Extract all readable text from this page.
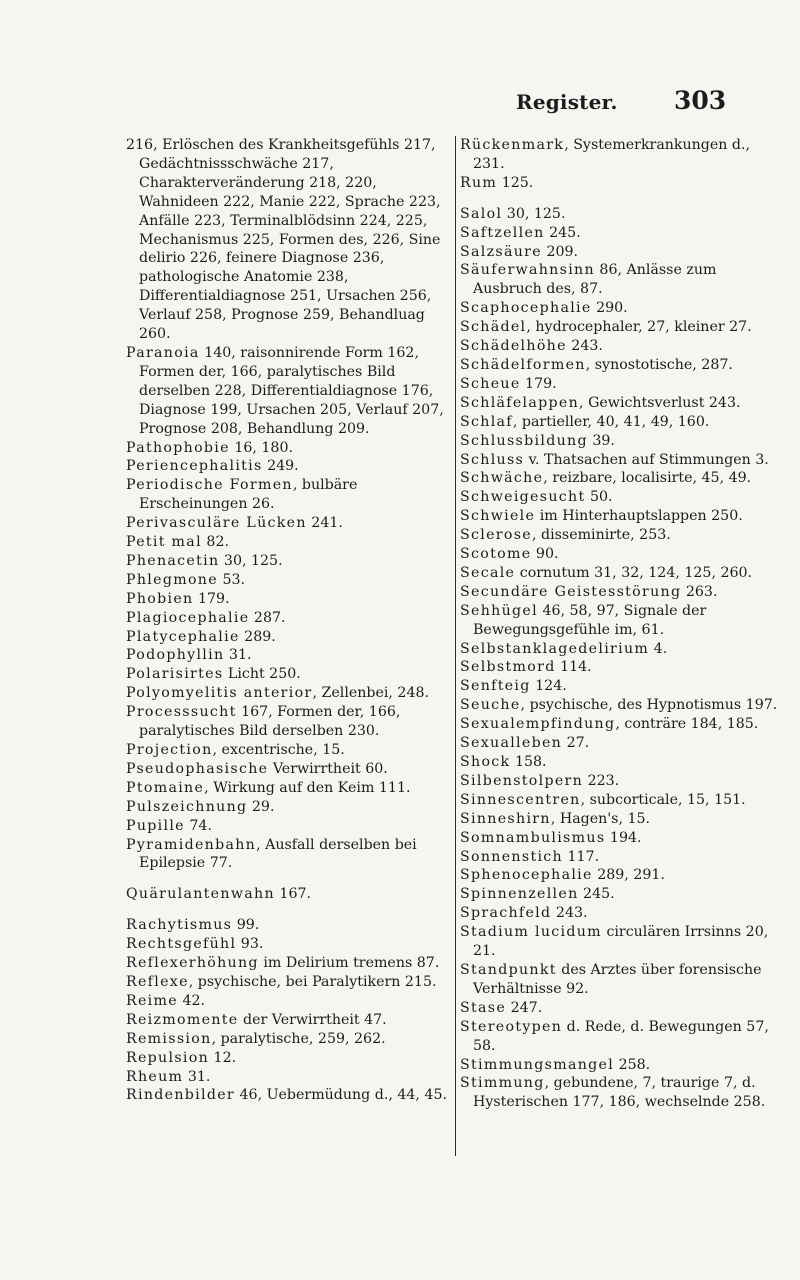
Register. 303

216, Erlöschen des Krankheitsgefühls 217, Gedächtnissschwäche 217, Charakterveränderung 218, 220, Wahnideen 222, Manie 222, Sprache 223, Anfälle 223, Terminalblödsinn 224, 225, Mechanismus 225, Formen des, 226, Sine delirio 226, feinere Diagnose 236, pathologische Anatomie 238, Differentialdiagnose 251, Ursachen 256, Verlauf 258, Prognose 259, Behandluag 260.

Paranoia 140, raisonnirende Form 162, Formen der, 166, paralytisches Bild derselben 228, Differentialdiagnose 176, Diagnose 199, Ursachen 205, Verlauf 207, Prognose 208, Behandlung 209.

Pathophobie 16, 180.

Periencephalitis 249.

Periodische Formen, bulbäre Erscheinungen 26.

Perivasculäre Lücken 241.

Petit mal 82.

Phenacetin 30, 125.

Phlegmone 53.

Phobien 179.

Plagiocephalie 287.

Platycephalie 289.

Podophyllin 31.

Polarisirtes Licht 250.

Polyomyelitis anterior, Zellenbei, 248.

Processsucht 167, Formen der, 166, paralytisches Bild derselben 230.

Projection, excentrische, 15.

Pseudophasische Verwirrtheit 60.

Ptomaine, Wirkung auf den Keim 111.

Pulszeichnung 29.

Pupille 74.

Pyramidenbahn, Ausfall derselben bei Epilepsie 77.

Quärulantenwahn 167.

Rachytismus 99.

Rechtsgefühl 93.

Reflexerhöhung im Delirium tremens 87.

Reflexe, psychische, bei Paralytikern 215.

Reime 42.

Reizmomente der Verwirrtheit 47.

Remission, paralytische, 259, 262.

Repulsion 12.

Rheum 31.

Rindenbilder 46, Uebermüdung d., 44, 45.

Rückenmark, Systemerkrankungen d., 231.

Rum 125.

Salol 30, 125.

Saftzellen 245.

Salzsäure 209.

Säuferwahnsinn 86, Anlässe zum Ausbruch des, 87.

Scaphocephalie 290.

Schädel, hydrocephaler, 27, kleiner 27.

Schädelhöhe 243.

Schädelformen, synostotische, 287.

Scheue 179.

Schläfelappen, Gewichtsverlust 243.

Schlaf, partieller, 40, 41, 49, 160.

Schlussbildung 39.

Schluss v. Thatsachen auf Stimmungen 3.

Schwäche, reizbare, localisirte, 45, 49.

Schweigesucht 50.

Schwiele im Hinterhauptslappen 250.

Sclerose, disseminirte, 253.

Scotome 90.

Secale cornutum 31, 32, 124, 125, 260.

Secundäre Geistesstörung 263.

Sehhügel 46, 58, 97, Signale der Bewegungsgefühle im, 61.

Selbstanklagedelirium 4.

Selbstmord 114.

Senfteig 124.

Seuche, psychische, des Hypnotismus 197.

Sexualempfindung, conträre 184, 185.

Sexualleben 27.

Shock 158.

Silbenstolpern 223.

Sinnescentren, subcorticale, 15, 151.

Sinneshirn, Hagen's, 15.

Somnambulismus 194.

Sonnenstich 117.

Sphenocephalie 289, 291.

Spinnenzellen 245.

Sprachfeld 243.

Stadium lucidum circulären Irrsinns 20, 21.

Standpunkt des Arztes über forensische Verhältnisse 92.

Stase 247.

Stereotypen d. Rede, d. Bewegungen 57, 58.

Stimmungsmangel 258.

Stimmung, gebundene, 7, traurige 7, d. Hysterischen 177, 186, wechselnde 258.
